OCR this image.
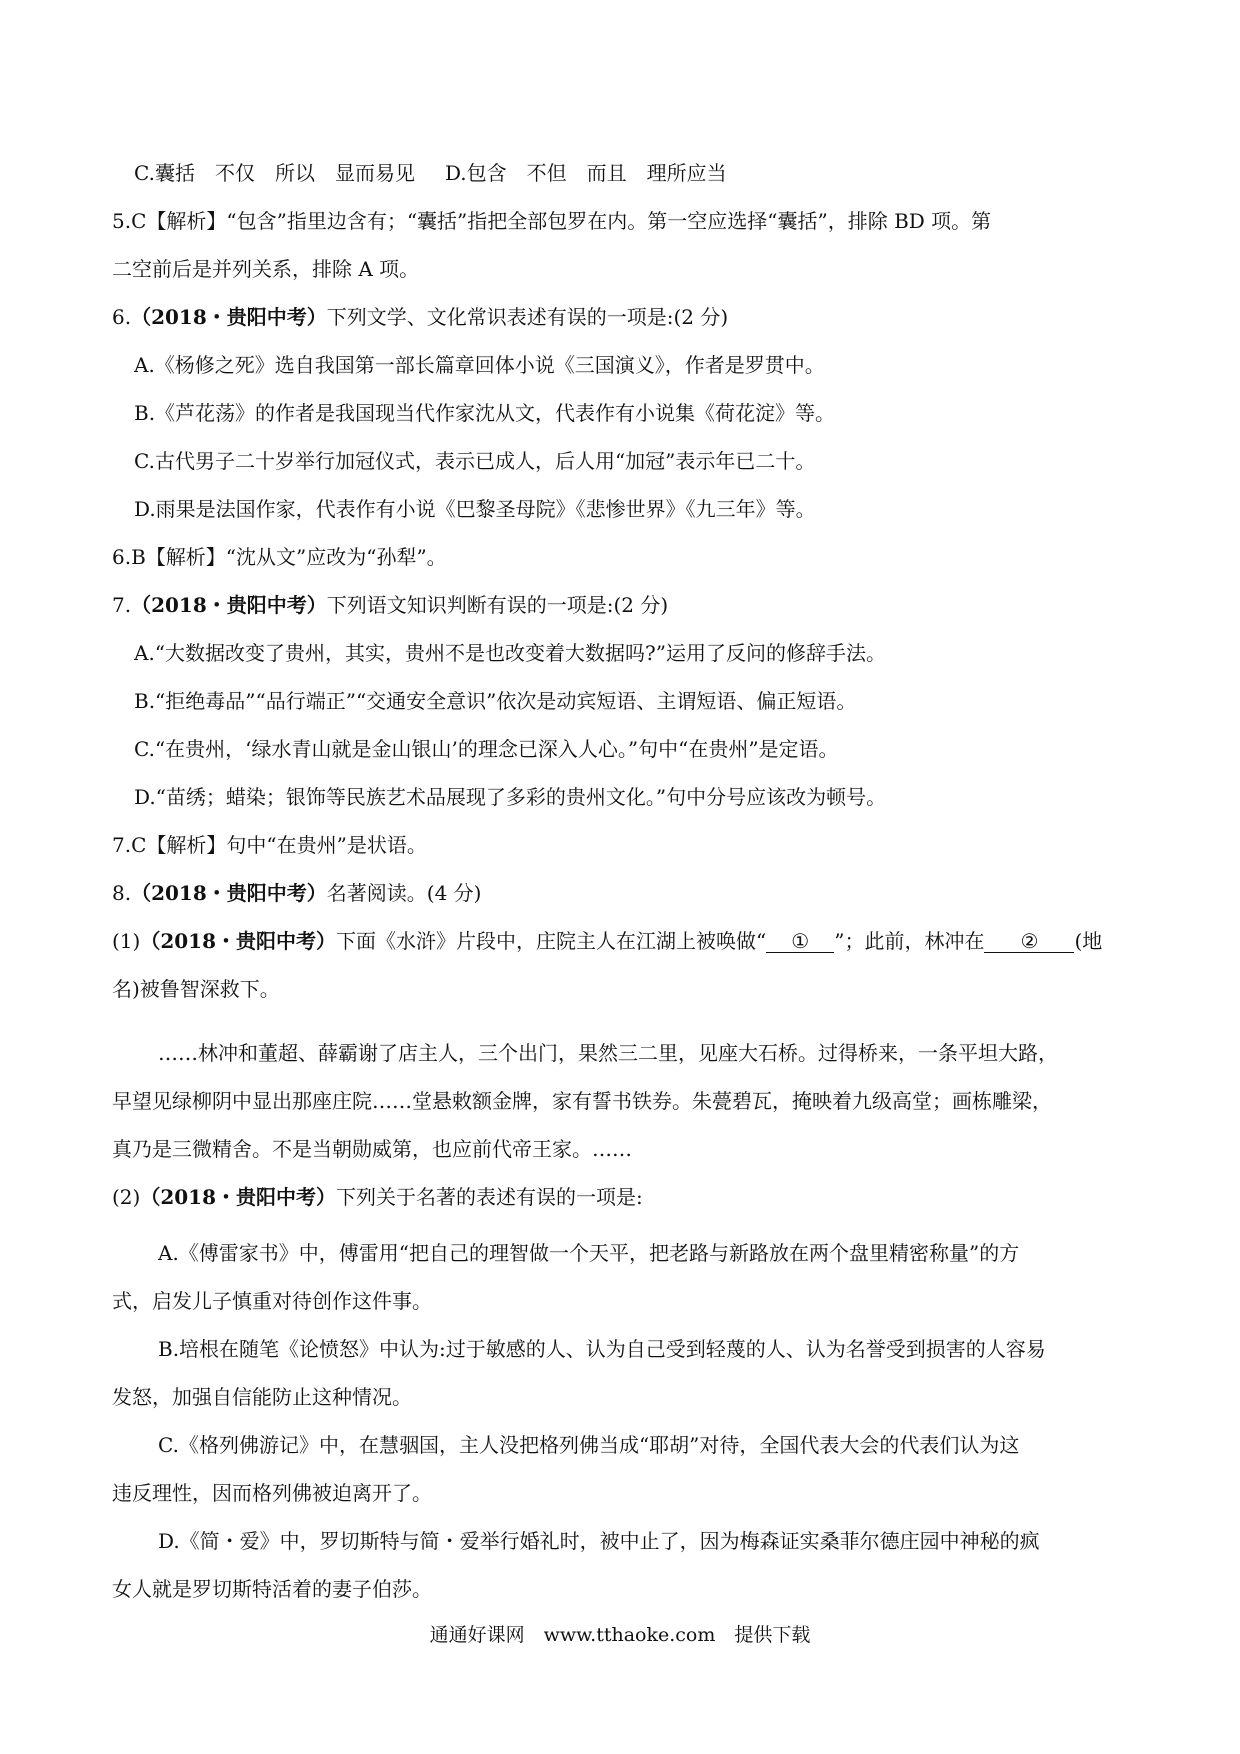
C.囊括　不仅　所以　显而易见 D.包含　不但　而且　理所应当
5.C【解析】“包含”指里边含有；“囊括”指把全部包罗在内。第一空应选择“囊括”，排除 BD 项。第
二空前后是并列关系，排除 A 项。
6.（2018・贵阳中考）下列文学、文化常识表述有误的一项是:(2 分)
A.《杨修之死》选自我国第一部长篇章回体小说《三国演义》，作者是罗贯中。
B.《芦花荡》的作者是我国现当代作家沈从文，代表作有小说集《荷花淀》等。
C.古代男子二十岁举行加冠仪式，表示已成人，后人用“加冠”表示年已二十。
D.雨果是法国作家，代表作有小说《巴黎圣母院》《悲惨世界》《九三年》等。
6.B【解析】“沈从文”应改为“孙犁”。
7.（2018・贵阳中考）下列语文知识判断有误的一项是:(2 分)
A.“大数据改变了贵州，其实，贵州不是也改变着大数据吗?”运用了反问的修辞手法。
B.“拒绝毒品”“品行端正”“交通安全意识”依次是动宾短语、主谓短语、偏正短语。
C.“在贵州，‘绿水青山就是金山银山’的理念已深入人心。”句中“在贵州”是定语。
D.“苗绣；蜡染；银饰等民族艺术品展现了多彩的贵州文化。”句中分号应该改为顿号。
7.C【解析】句中“在贵州”是状语。
8.（2018・贵阳中考）名著阅读。(4 分)
(1)（2018・贵阳中考）下面《水浒》片段中，庄院主人在江湖上被唤做“ ① ”；此前，林冲在 ② (地
名)被鲁智深救下。
……林冲和董超、薛霸谢了店主人，三个出门，果然三二里，见座大石桥。过得桥来，一条平坦大路，
早望见绿柳阴中显出那座庄院……堂悬敕额金牌，家有誓书铁券。朱甍碧瓦，掩映着九级高堂；画栋雕梁，
真乃是三微精舍。不是当朝勋威第，也应前代帝王家。……
(2)（2018・贵阳中考）下列关于名著的表述有误的一项是:
A.《傅雷家书》中，傅雷用“把自己的理智做一个天平，把老路与新路放在两个盘里精密称量”的方
式，启发儿子慎重对待创作这件事。
B.培根在随笔《论愤怒》中认为:过于敏感的人、认为自己受到轻蔑的人、认为名誉受到损害的人容易
发怒，加强自信能防止这种情况。
C.《格列佛游记》中，在慧骃国，主人没把格列佛当成“耶胡”对待，全国代表大会的代表们认为这
违反理性，因而格列佛被迫离开了。
D.《简・爱》中，罗切斯特与简・爱举行婚礼时，被中止了，因为梅森证实桑菲尔德庄园中神秘的疯
女人就是罗切斯特活着的妻子伯莎。
通通好课网　www.tthaoke.com　提供下载
